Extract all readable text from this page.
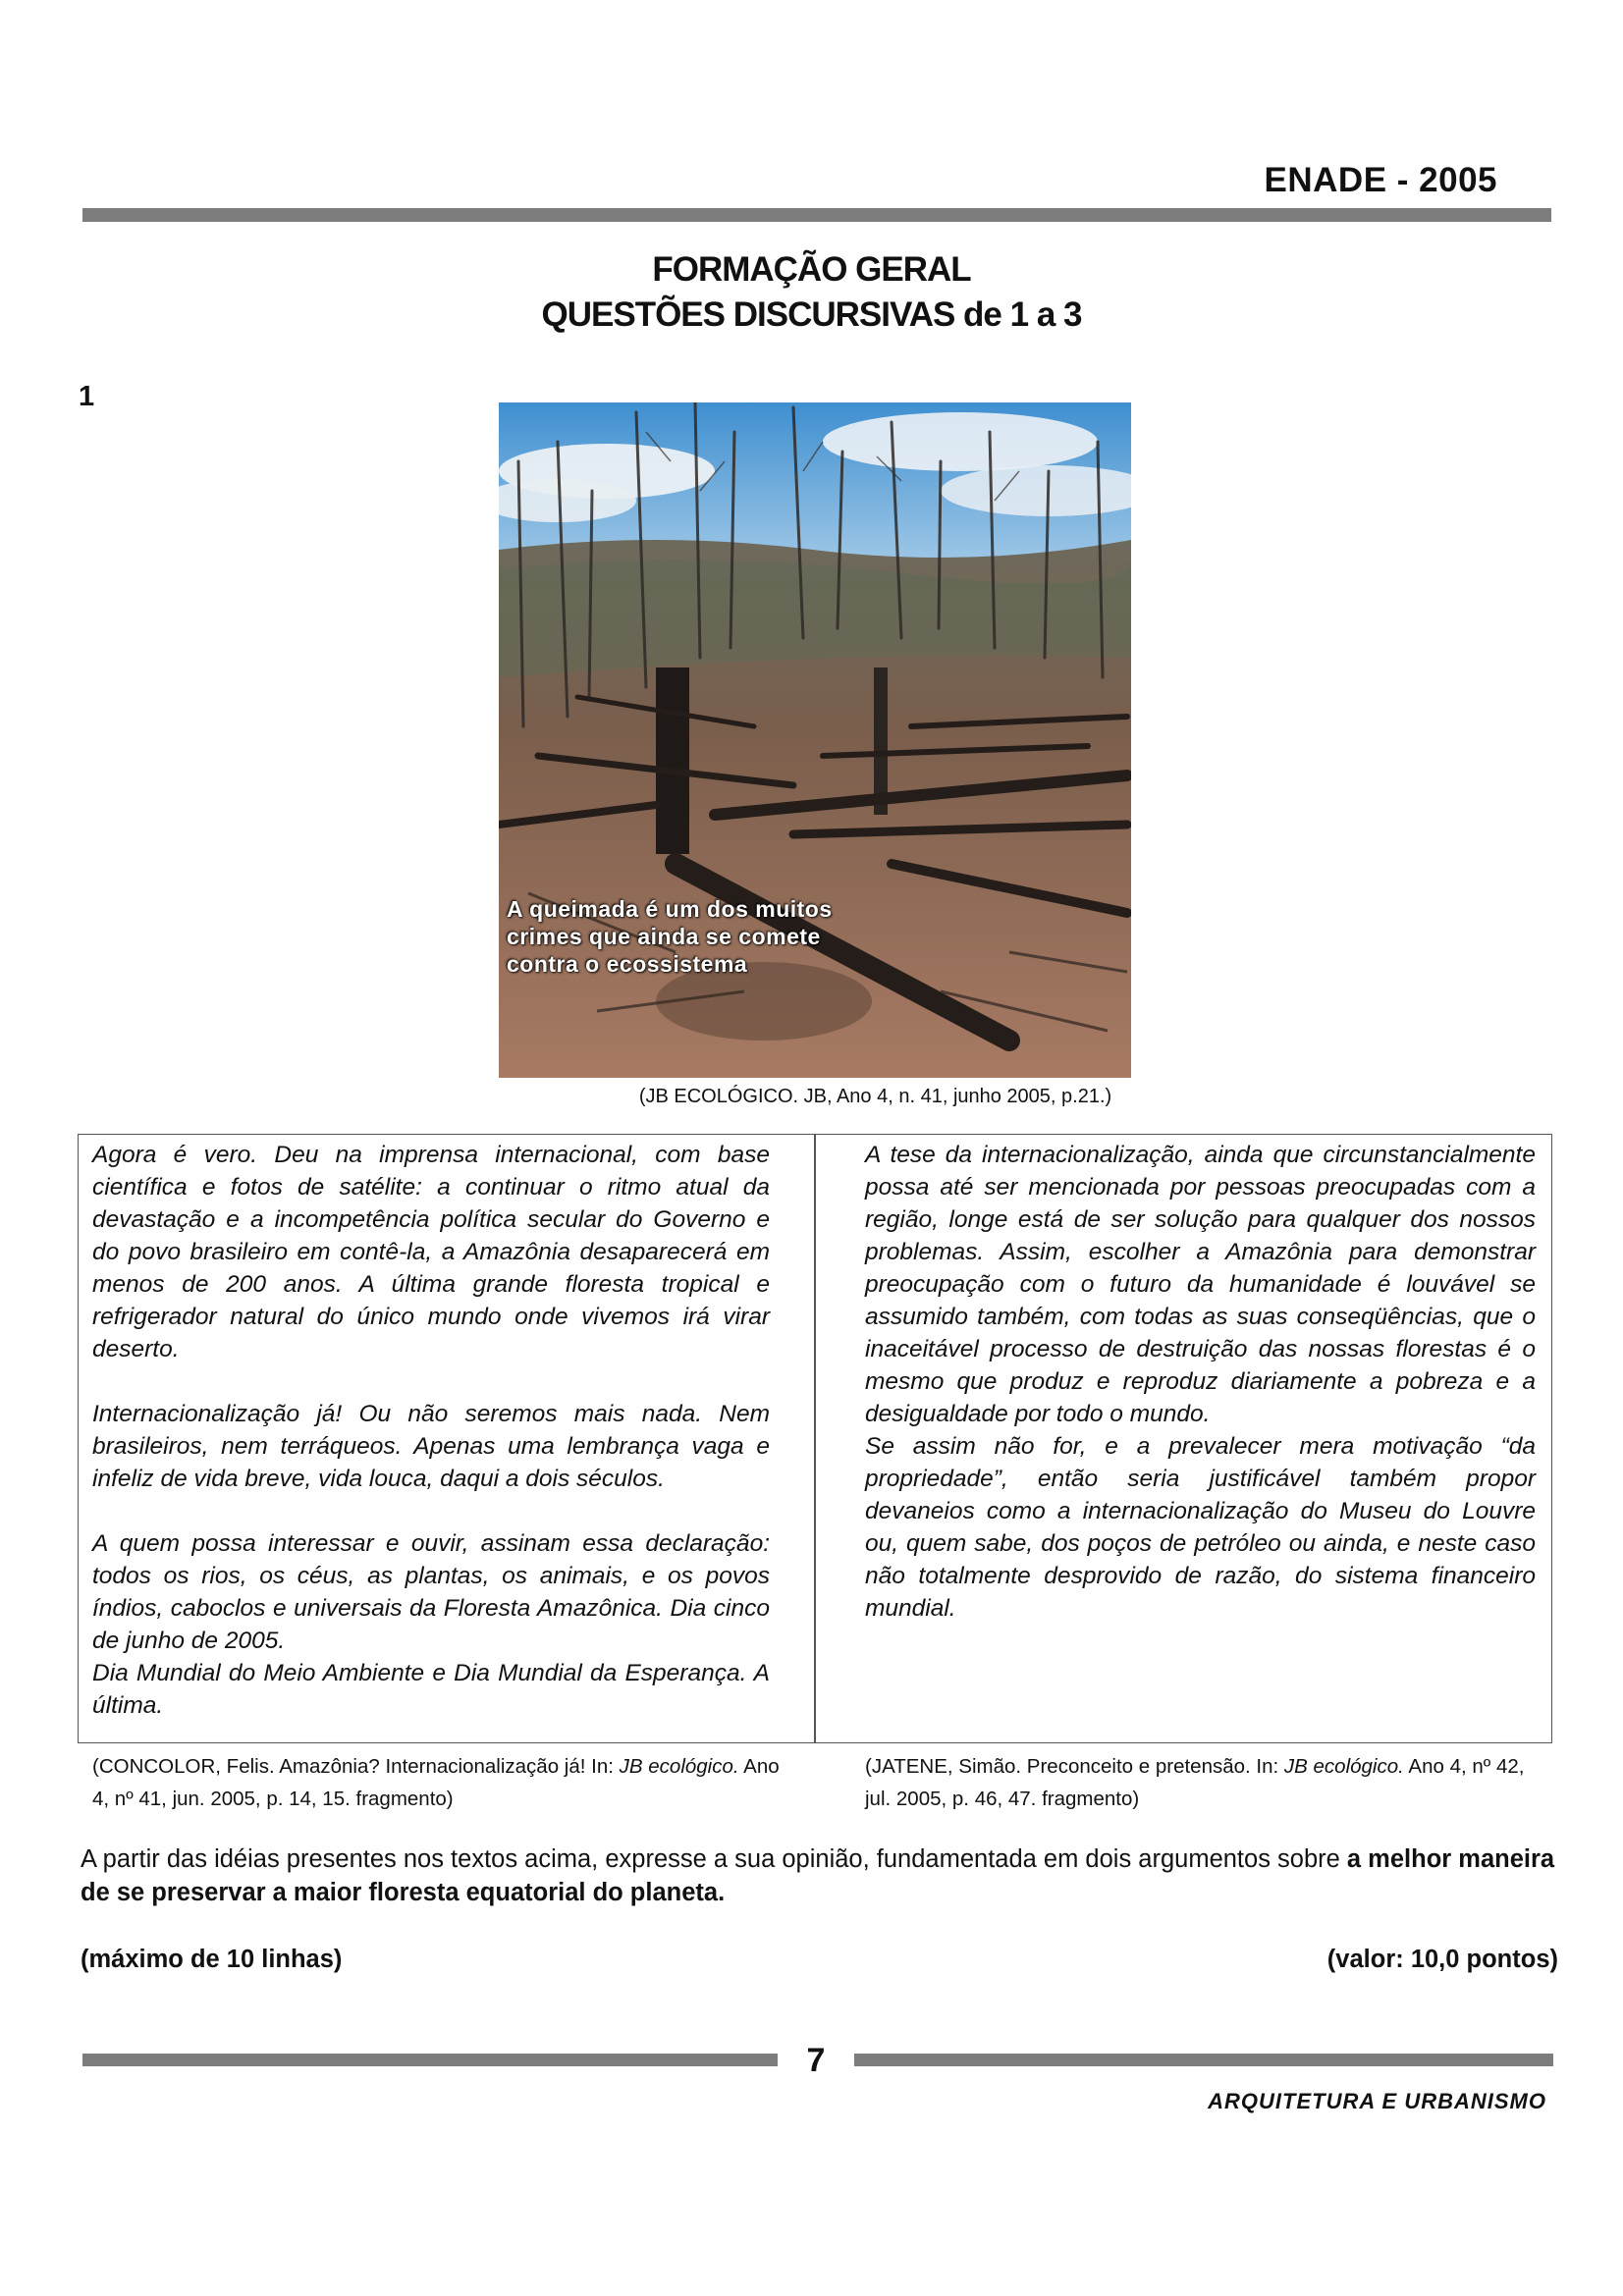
ENADE - 2005
FORMAÇÃO GERAL
QUESTÕES DISCURSIVAS de 1 a 3
1
A queimada é um dos muitos
crimes que ainda se comete
contra o ecossistema
(JB ECOLÓGICO. JB, Ano 4, n. 41, junho 2005, p.21.)

Agora é vero. Deu na imprensa internacional, com base científica e fotos de satélite: a continuar o ritmo atual da devastação e a incompetência política secular do Governo e do povo brasileiro em contê-la, a Amazônia desaparecerá em menos de 200 anos. A última grande floresta tropical e refrigerador natural do único mundo onde vivemos irá virar deserto.

Internacionalização já! Ou não seremos mais nada. Nem brasileiros, nem terráqueos. Apenas uma lembrança vaga e infeliz de vida breve, vida louca, daqui a dois séculos.

A quem possa interessar e ouvir, assinam essa declaração: todos os rios, os céus, as plantas, os animais, e os povos índios, caboclos e universais da Floresta Amazônica. Dia cinco de junho de 2005.

Dia Mundial do Meio Ambiente e Dia Mundial da Esperança. A última.

A tese da internacionalização, ainda que circunstancialmente possa até ser mencionada por pessoas preocupadas com a região, longe está de ser solução para qualquer dos nossos problemas. Assim, escolher a Amazônia para demonstrar preocupação com o futuro da humanidade é louvável se assumido também, com todas as suas conseqüências, que o inaceitável processo de destruição das nossas florestas é o mesmo que produz e reproduz diariamente a pobreza e a desigualdade por todo o mundo.

Se assim não for, e a prevalecer mera motivação “da propriedade”, então seria justificável também propor devaneios como a internacionalização do Museu do Louvre ou, quem sabe, dos poços de petróleo ou ainda, e neste caso não totalmente desprovido de razão, do sistema financeiro mundial.

(CONCOLOR, Felis. Amazônia? Internacionalização já! In: JB ecológico. Ano 4, nº 41, jun. 2005, p. 14, 15. fragmento)
(JATENE, Simão. Preconceito e pretensão. In: JB ecológico. Ano 4, nº 42, jul. 2005, p. 46, 47. fragmento)
A partir das idéias presentes nos textos acima, expresse a sua opinião, fundamentada em dois argumentos sobre a melhor maneira de se preservar a maior floresta equatorial do planeta.
(máximo de 10 linhas)	(valor: 10,0 pontos)
7
ARQUITETURA E URBANISMO
